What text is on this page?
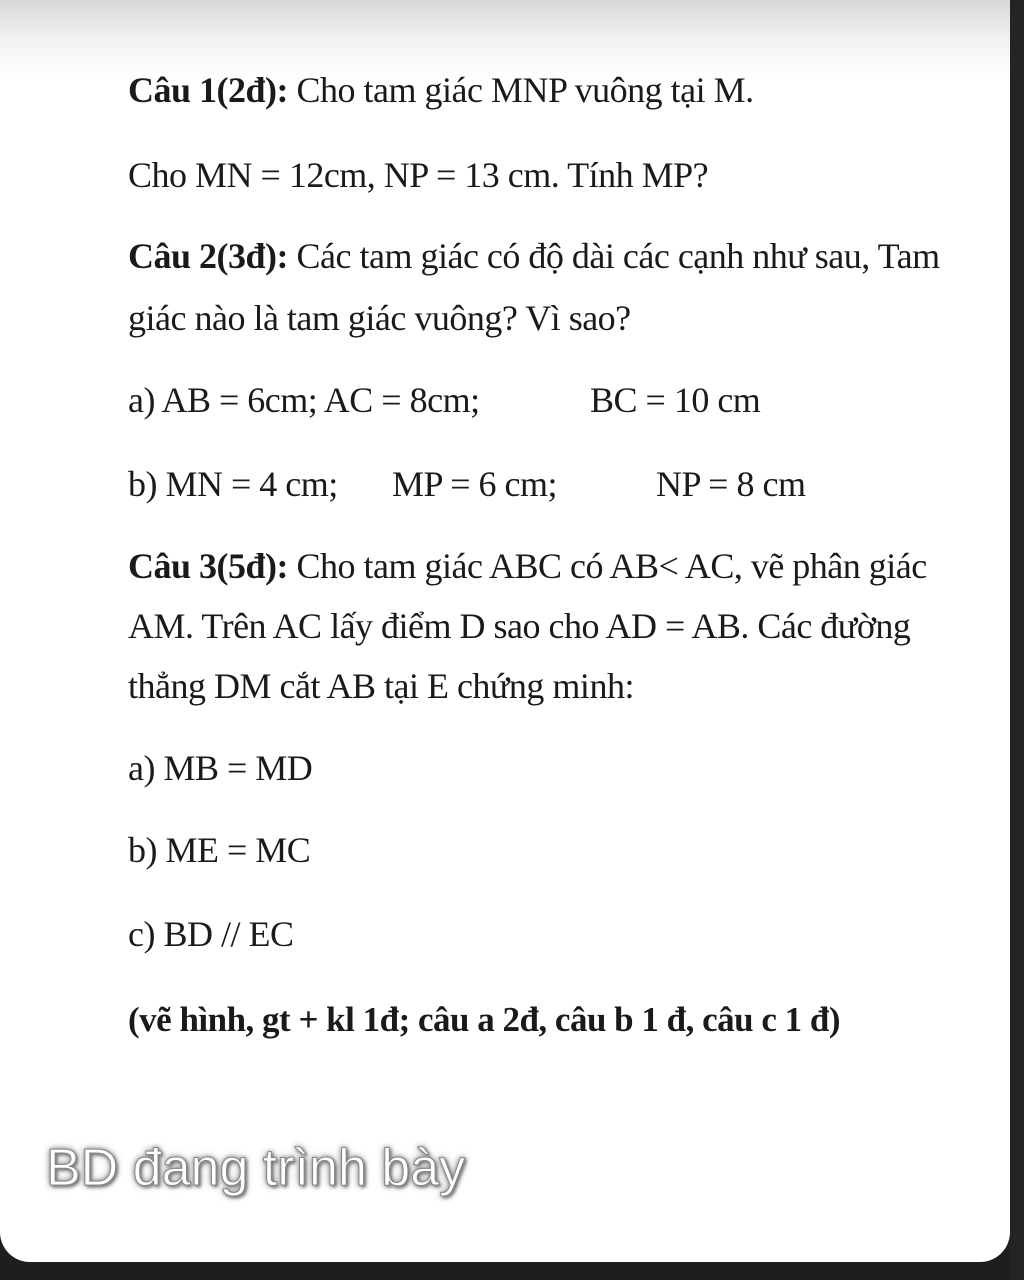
Câu 1(2đ): Cho tam giác MNP vuông tại M.
Cho MN = 12cm, NP = 13 cm. Tính MP?
Câu 2(3đ): Các tam giác có độ dài các cạnh như sau, Tam
giác nào là tam giác vuông? Vì sao?
a) AB = 6cm; AC = 8cm;	BC = 10 cm
b) MN = 4 cm; MP = 6 cm;	NP = 8 cm
Câu 3(5đ): Cho tam giác ABC có AB< AC, vẽ phân giác
AM. Trên AC lấy điểm D sao cho AD = AB. Các đường
thẳng DM cắt AB tại E chứng minh:
a) MB = MD
b) ME = MC
c) BD // EC
(vẽ hình, gt + kl 1đ; câu a 2đ, câu b 1 đ, câu c 1 đ)
BD đang trình bày
